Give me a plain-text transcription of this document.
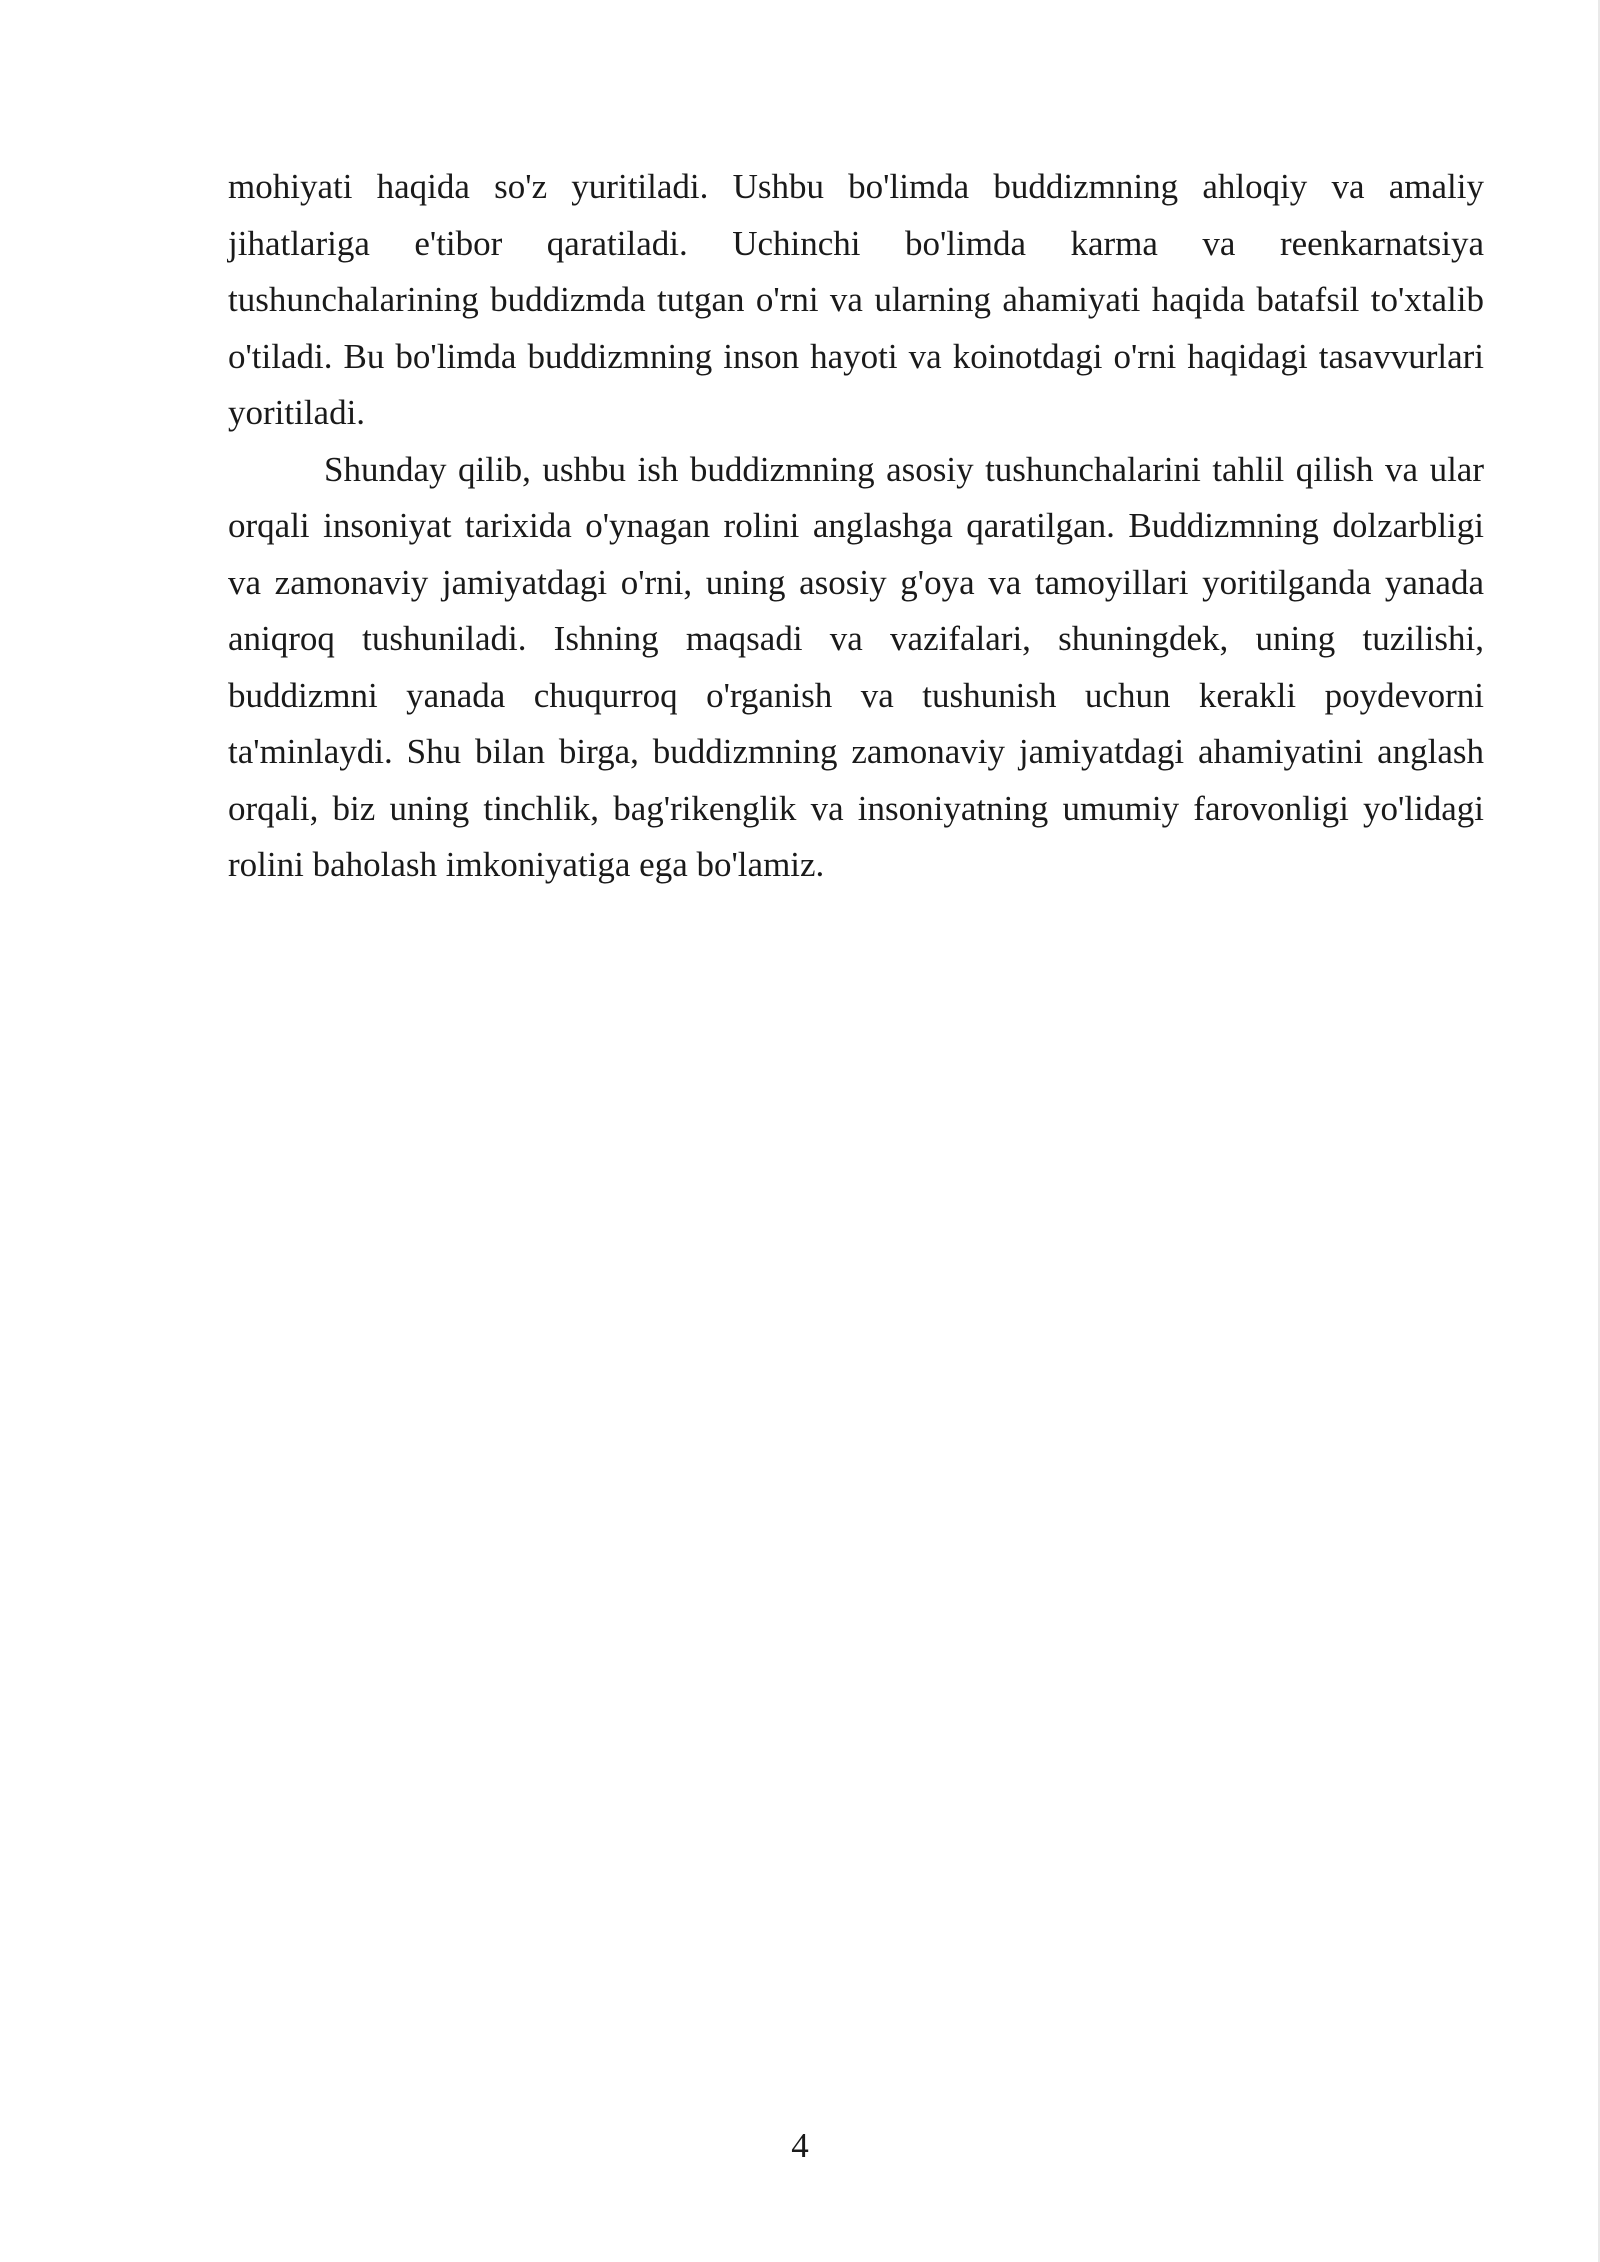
mohiyati haqida so'z yuritiladi. Ushbu bo'limda buddizmning ahloqiy va amaliy jihatlariga e'tibor qaratiladi. Uchinchi bo'limda karma va reenkarnatsiya tushunchalarining buddizmda tutgan o'rni va ularning ahamiyati haqida batafsil to'xtalib o'tiladi. Bu bo'limda buddizmning inson hayoti va koinotdagi o'rni haqidagi tasavvurlari yoritiladi.

Shunday qilib, ushbu ish buddizmning asosiy tushunchalarini tahlil qilish va ular orqali insoniyat tarixida o'ynagan rolini anglashga qaratilgan. Buddizmning dolzarbligi va zamonaviy jamiyatdagi o'rni, uning asosiy g'oya va tamoyillari yoritilganda yanada aniqroq tushuniladi. Ishning maqsadi va vazifalari, shuningdek, uning tuzilishi, buddizmni yanada chuqurroq o'rganish va tushunish uchun kerakli poydevorni ta'minlaydi. Shu bilan birga, buddizmning zamonaviy jamiyatdagi ahamiyatini anglash orqali, biz uning tinchlik, bag'rikenglik va insoniyatning umumiy farovonligi yo'lidagi rolini baholash imkoniyatiga ega bo'lamiz.

4
